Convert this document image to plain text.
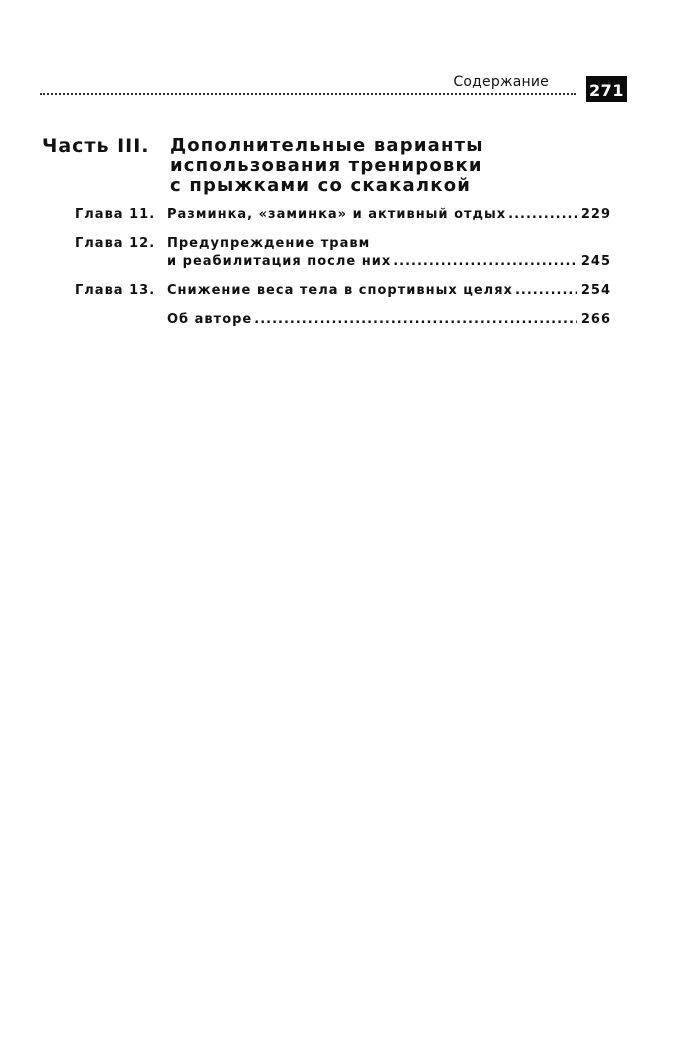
Содержание	271
Часть III. Дополнительные варианты
использования тренировки
с прыжками со скакалкой
Глава 11. Разминка, «заминка» и активный отдых .....	229
Глава 12. Предупреждение травм
и реабилитация после них .....	245
Глава 13. Снижение веса тела в спортивных целях .....	254
Об авторе .....	266
